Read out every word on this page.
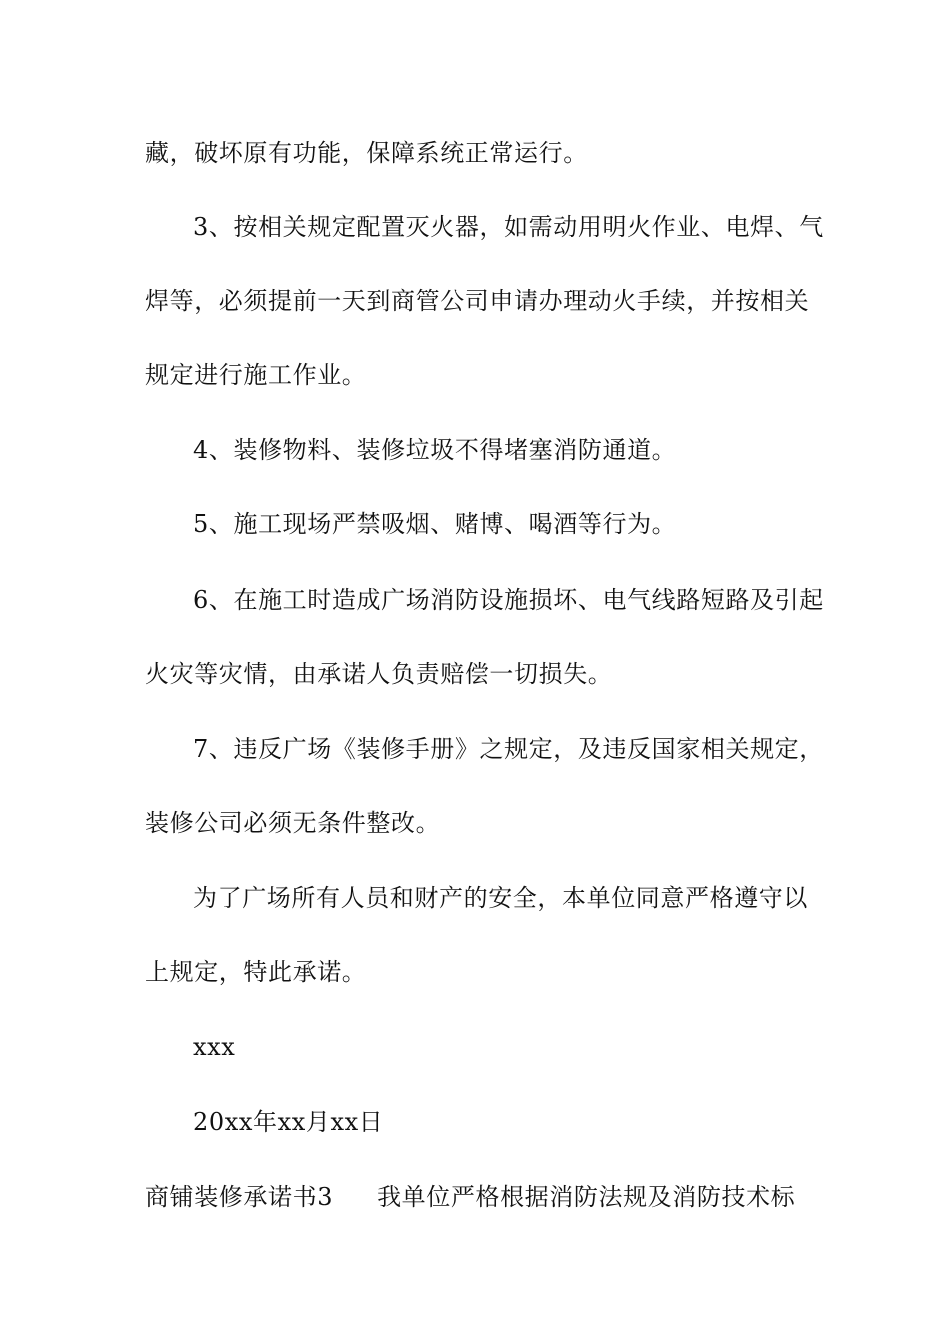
藏，破坏原有功能，保障系统正常运行。
3、按相关规定配置灭火器，如需动用明火作业、电焊、气
焊等，必须提前一天到商管公司申请办理动火手续，并按相关
规定进行施工作业。
4、装修物料、装修垃圾不得堵塞消防通道。
5、施工现场严禁吸烟、赌博、喝酒等行为。
6、在施工时造成广场消防设施损坏、电气线路短路及引起
火灾等灾情，由承诺人负责赔偿一切损失。
7、违反广场《装修手册》之规定，及违反国家相关规定，
装修公司必须无条件整改。
为了广场所有人员和财产的安全，本单位同意严格遵守以
上规定，特此承诺。
xxx
20xx年xx月xx日
商铺装修承诺书3 我单位严格根据消防法规及消防技术标
